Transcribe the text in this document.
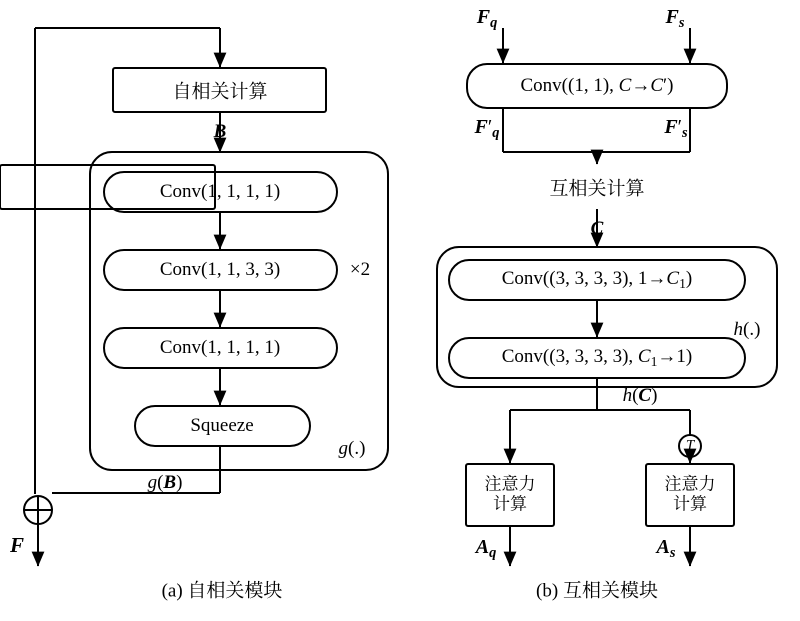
F
自相关计算
B
Conv(1, 1, 1, 1)
Conv(1, 1, 3, 3)
Conv(1, 1, 1, 1)
Squeeze
×2
g(.)
g(B)
(a) 自相关模块
$F_q$	$F_s$
Conv((1, 1), C→C′)
$F'_q$	$F'_s$
互相关计算
C
Conv((3, 3, 3, 3), $1\to C_1$)
Conv((3, 3, 3, 3), $C_1\to 1$)
h(.)
h(C)
T
注意力
计算
注意力
计算
$A_q$	$A_s$
(b) 互相关模块
